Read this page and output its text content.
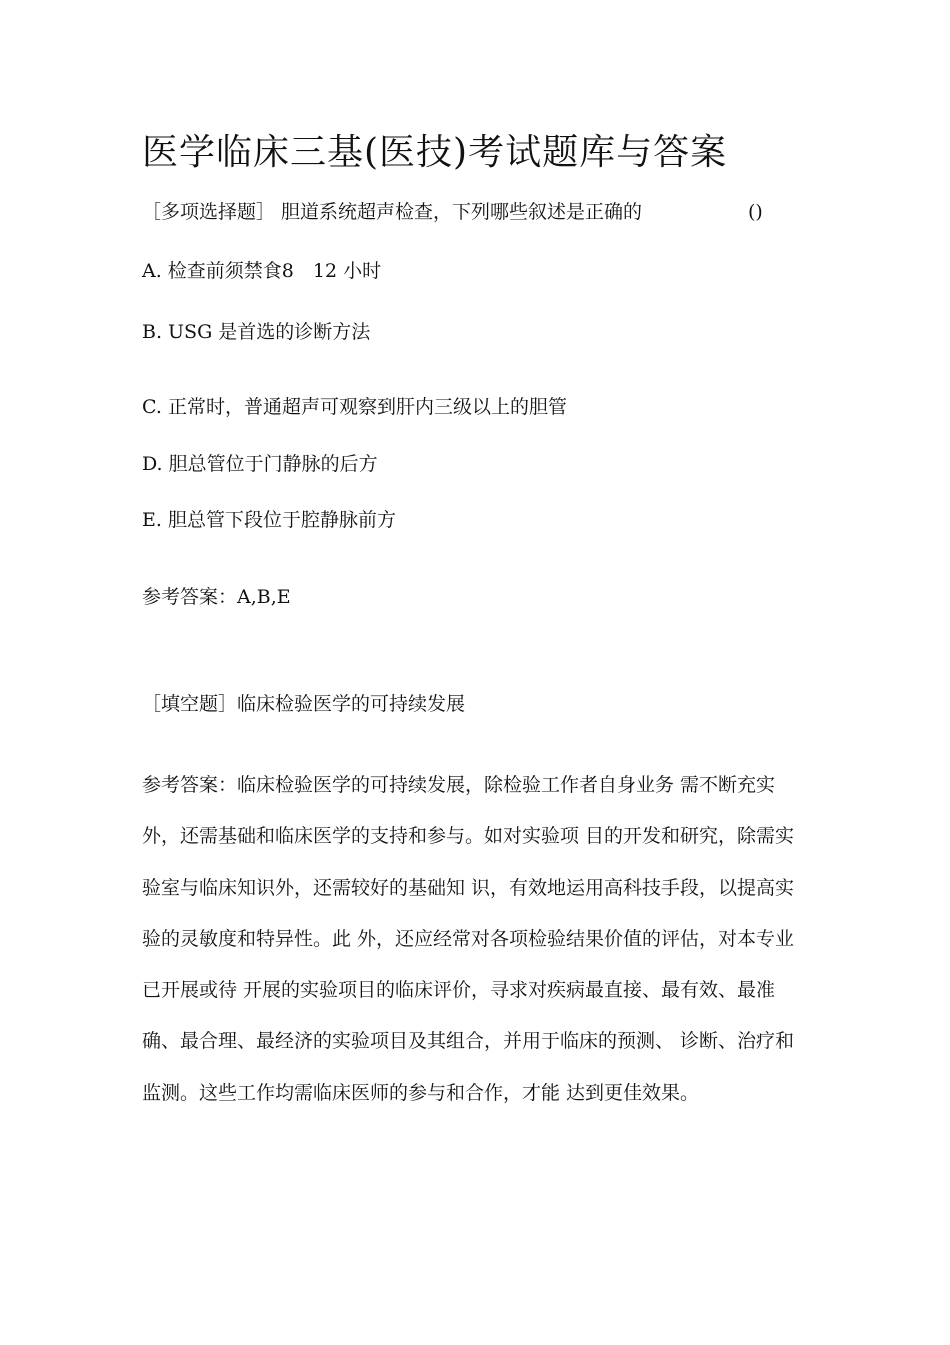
医学临床三基(医技)考试题库与答案
［多项选择题］ 胆道系统超声检查，下列哪些叙述是正确的	()
A. 检查前须禁食8　12 小时
B. USG 是首选的诊断方法
C. 正常时，普通超声可观察到肝内三级以上的胆管
D. 胆总管位于门静脉的后方
E. 胆总管下段位于腔静脉前方
参考答案：A,B,E
［填空题］临床检验医学的可持续发展

参考答案：临床检验医学的可持续发展，除检验工作者自身业务 需不断充实外，还需基础和临床医学的支持和参与。如对实验项 目的开发和研究，除需实验室与临床知识外，还需较好的基础知 识，有效地运用高科技手段，以提高实验的灵敏度和特异性。此 外，还应经常对各项检验结果价值的评估，对本专业已开展或待 开展的实验项目的临床评价，寻求对疾病最直接、最有效、最准 确、最合理、最经济的实验项目及其组合，并用于临床的预测、 诊断、治疗和监测。这些工作均需临床医师的参与和合作，才能 达到更佳效果。
